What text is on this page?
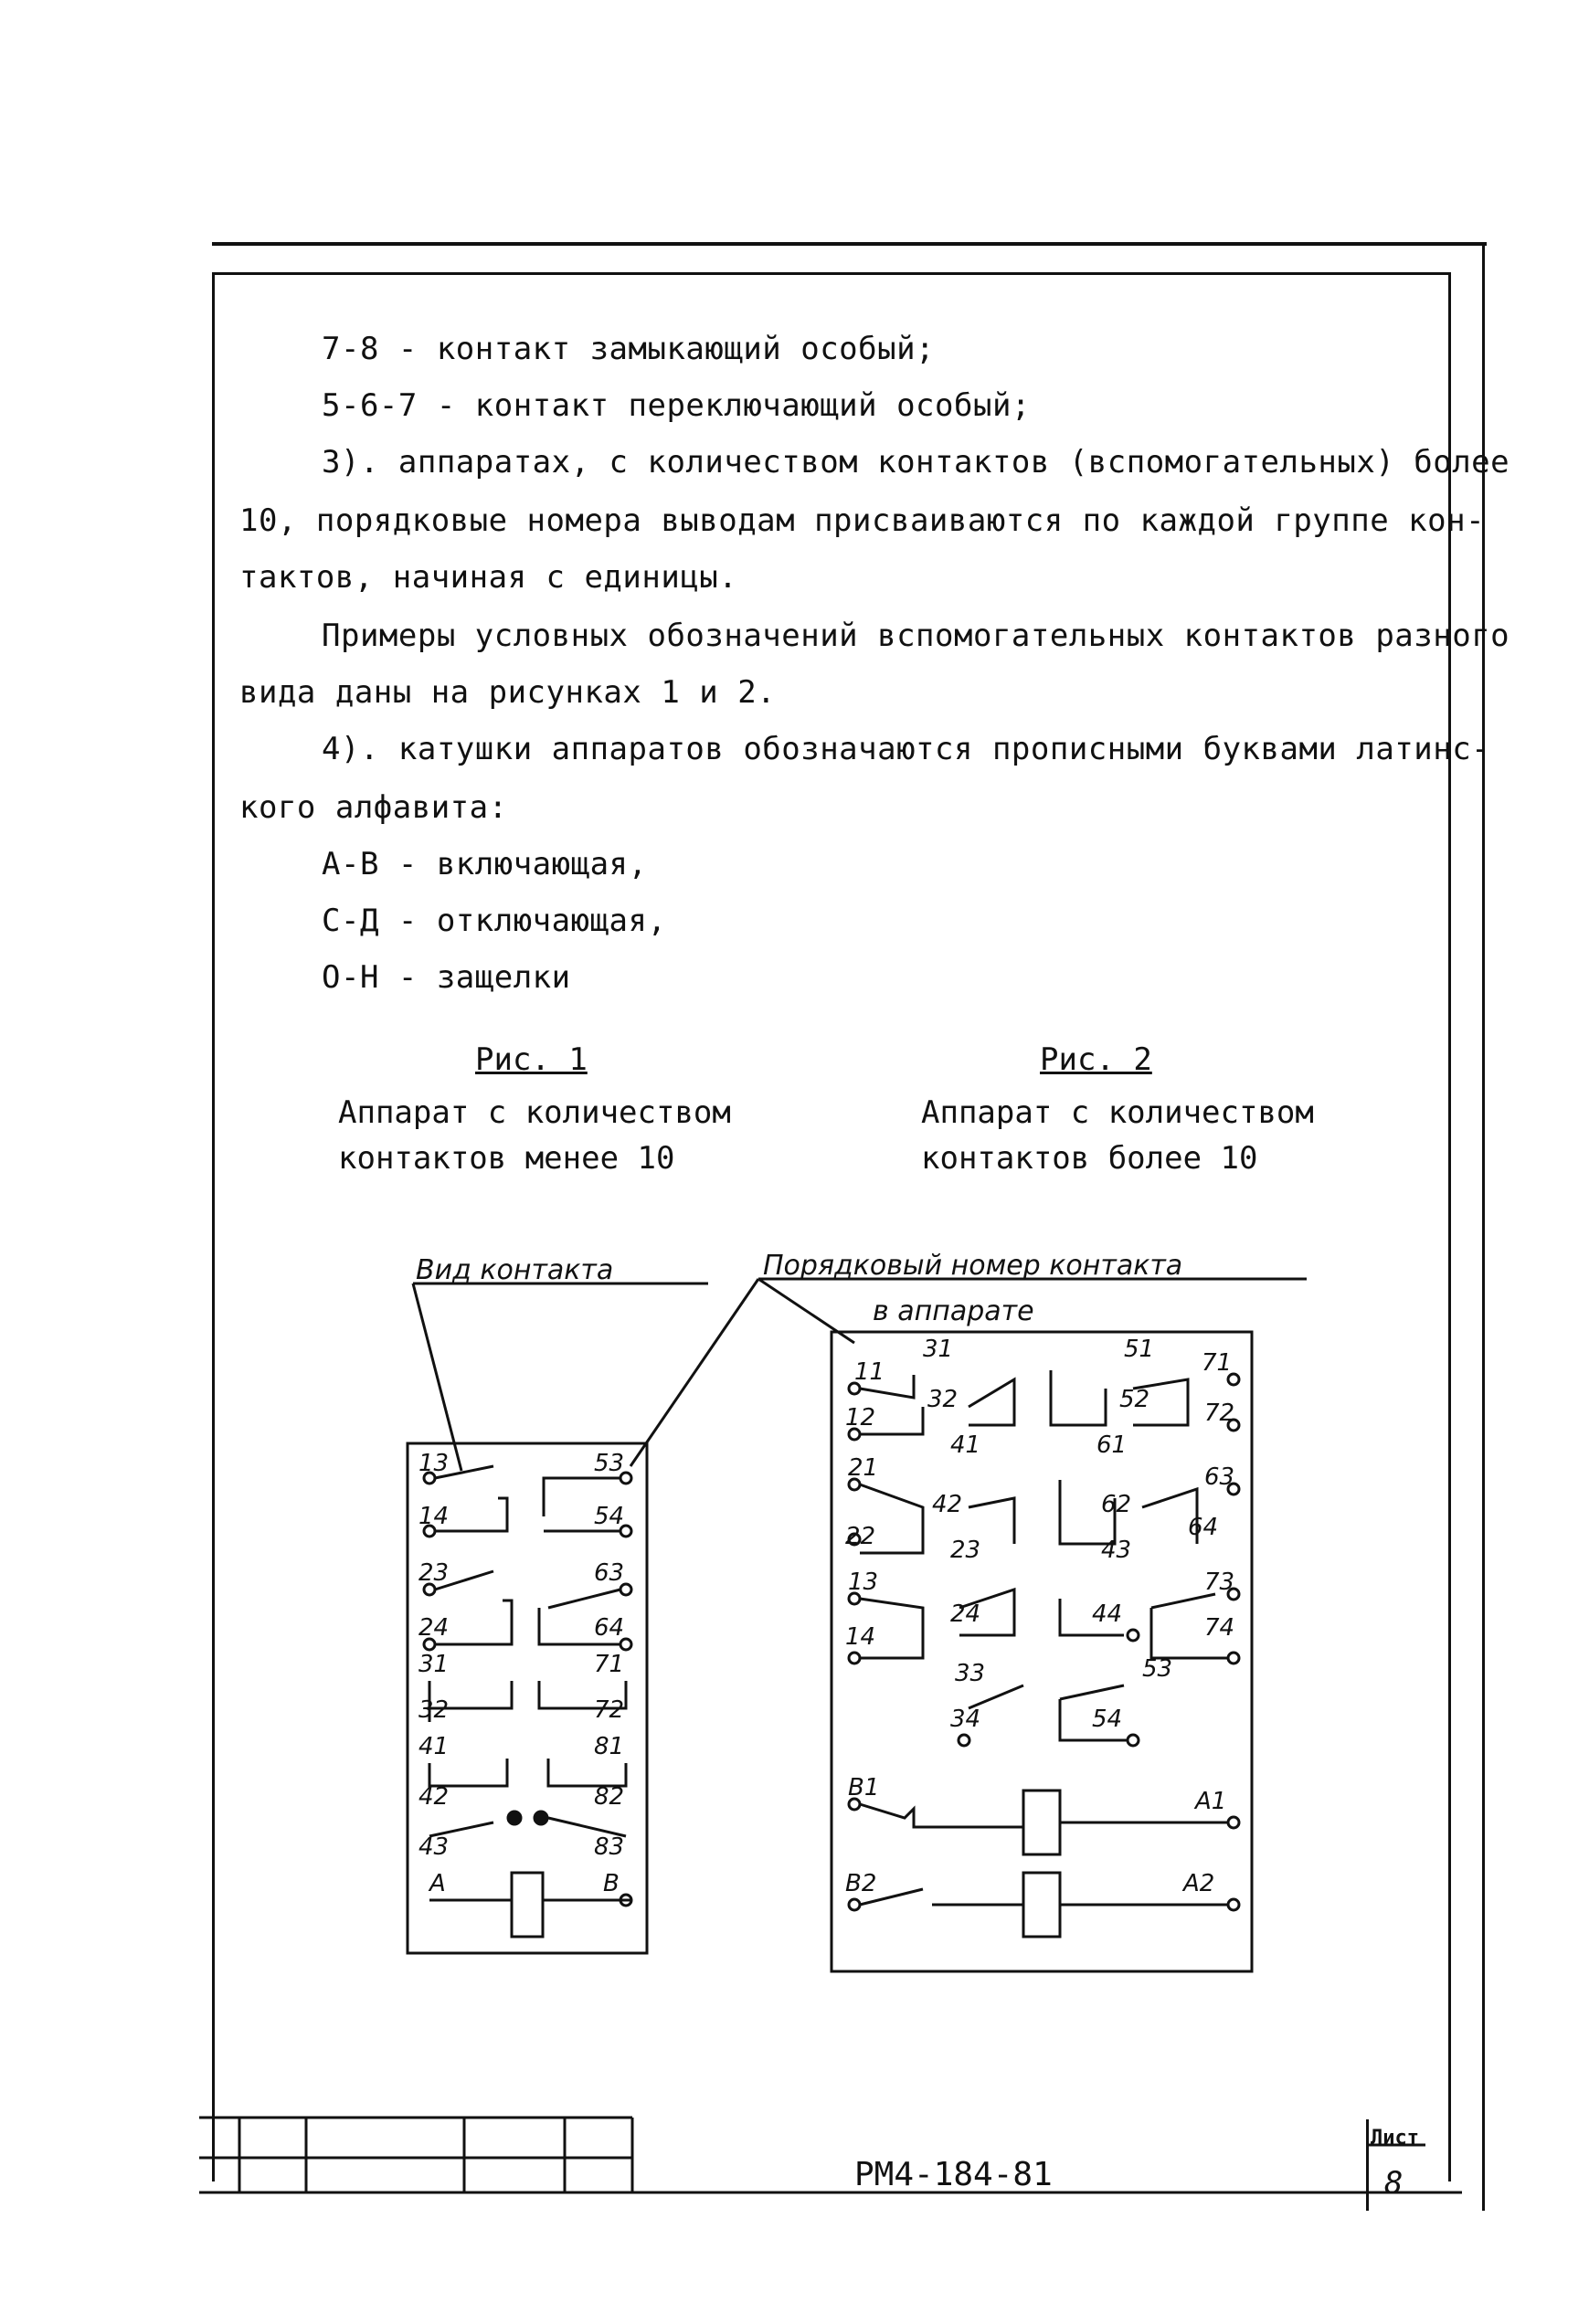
7-8 - контакт замыкающий особый;
5-6-7 - контакт переключающий особый;
3). аппаратах, с количеством контактов (вспомогательных) более
10, порядковые номера выводам присваиваются по каждой группе кон-
тактов, начиная с единицы.
Примеры условных обозначений вспомогательных контактов разного
вида даны на рисунках 1 и 2.
4). катушки аппаратов обозначаются прописными буквами латинс-
кого алфавита:
А-В - включающая,
С-Д - отключающая,
О-Н - защелки
Рис. 1
Аппарат с количеством
контактов менее 10
Рис. 2
Аппарат с количеством
контактов более 10
Вид контакта	Порядковый номер контакта
в аппарате
13
14
23
24
31
32
41
42
43
A
53
54
63
64
71
72
81
82
83
B
11
12
31
32
41
51
52
61
71
72
21
22
42
23
62
43
63
64
13
14
24	44
73
74
33
34
53
54
B1	A1
B2	A2
РМ4-184-81
Лист
8
